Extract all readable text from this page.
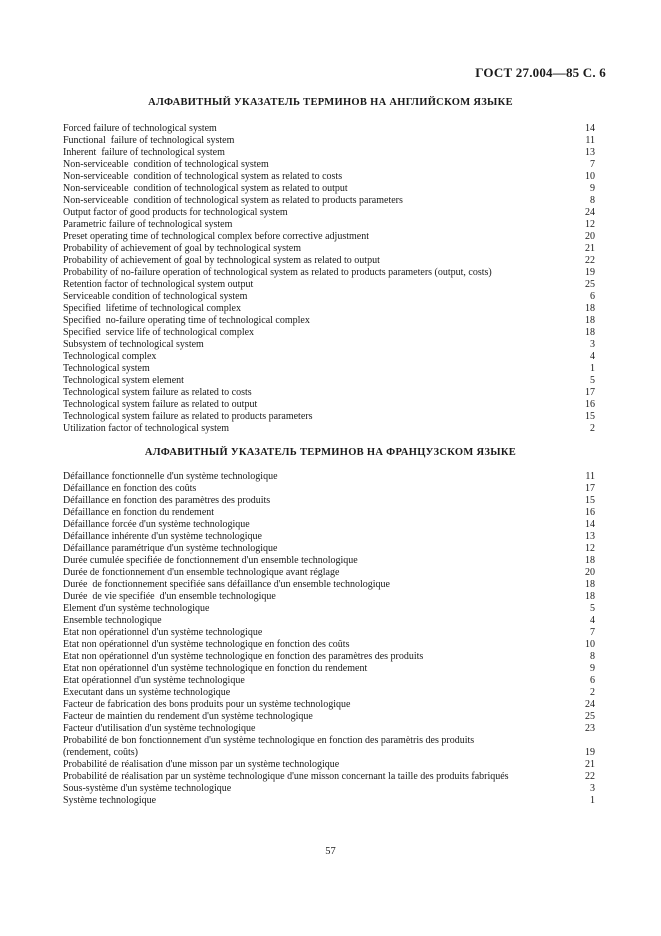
ГОСТ 27.004—85 С. 6
АЛФАВИТНЫЙ УКАЗАТЕЛЬ ТЕРМИНОВ НА АНГЛИЙСКОМ ЯЗЫКЕ
Forced failure of technological system	14
Functional  failure of technological system	11
Inherent  failure of technological system	13
Non-serviceable  condition of technological system	7
Non-serviceable  condition of technological system as related to costs	10
Non-serviceable  condition of technological system as related to output	9
Non-serviceable  condition of technological system as related to products parameters	8
Output factor of good products for technological system	24
Parametric failure of technological system	12
Preset operating time of technological complex before corrective adjustment	20
Probability of achievement of goal by technological system	21
Probability of achievement of goal by technological system as related to output	22
Probability of no-failure operation of technological system as related to products parameters (output, costs)	19
Retention factor of technological system output	25
Serviceable condition of technological system	6
Specified  lifetime of technological complex	18
Specified  no-failure operating time of technological complex	18
Specified  service life of technological complex	18
Subsystem of technological system	3
Technological complex	4
Technological system	1
Technological system element	5
Technological system failure as related to costs	17
Technological system failure as related to output	16
Technological system failure as related to products parameters	15
Utilization factor of technological system	2
АЛФАВИТНЫЙ УКАЗАТЕЛЬ ТЕРМИНОВ НА ФРАНЦУЗСКОМ ЯЗЫКЕ
Défaillance fonctionnelle d'un système technologique	11
Défaillance en fonction des coûts	17
Défaillance en fonction des paramètres des produits	15
Défaillance en fonction du rendement	16
Défaillance forcée d'un système technologique	14
Défaillance inhérente d'un système technologique	13
Défaillance paramétrique d'un système technologique	12
Durée cumulée specifiée de fonctionnement d'un ensemble technologique	18
Durée de fonctionnement d'un ensemble technologique avant réglage	20
Durée  de fonctionnement specifiée sans défaillance d'un ensemble technologique	18
Durée  de vie specifiée  d'un ensemble technologique	18
Element d'un système technologique	5
Ensemble technologique	4
Etat non opérationnel d'un système technologique	7
Etat non opérationnel d'un système technologique en fonction des coûts	10
Etat non opérationnel d'un système technologique en fonction des paramètres des produits	8
Etat non opérationnel d'un système technologique en fonction du rendement	9
Etat opérationnel d'un système technologique	6
Executant dans un système technologique	2
Facteur de fabrication des bons produits pour un système technologique	24
Facteur de maintien du rendement d'un système technologique	25
Facteur d'utilisation d'un système technologique	23
Probabilité de bon fonctionnement d'un système technologique en fonction des paramètris des produits
(rendement, coûts)	19
Probabilité de réalisation d'une misson par un système technologique	21
Probabilité de réalisation par un système technologique d'une misson concernant la taille des produits fabriqués	22
Sous-système d'un système technologique	3
Système technologique	1
57
